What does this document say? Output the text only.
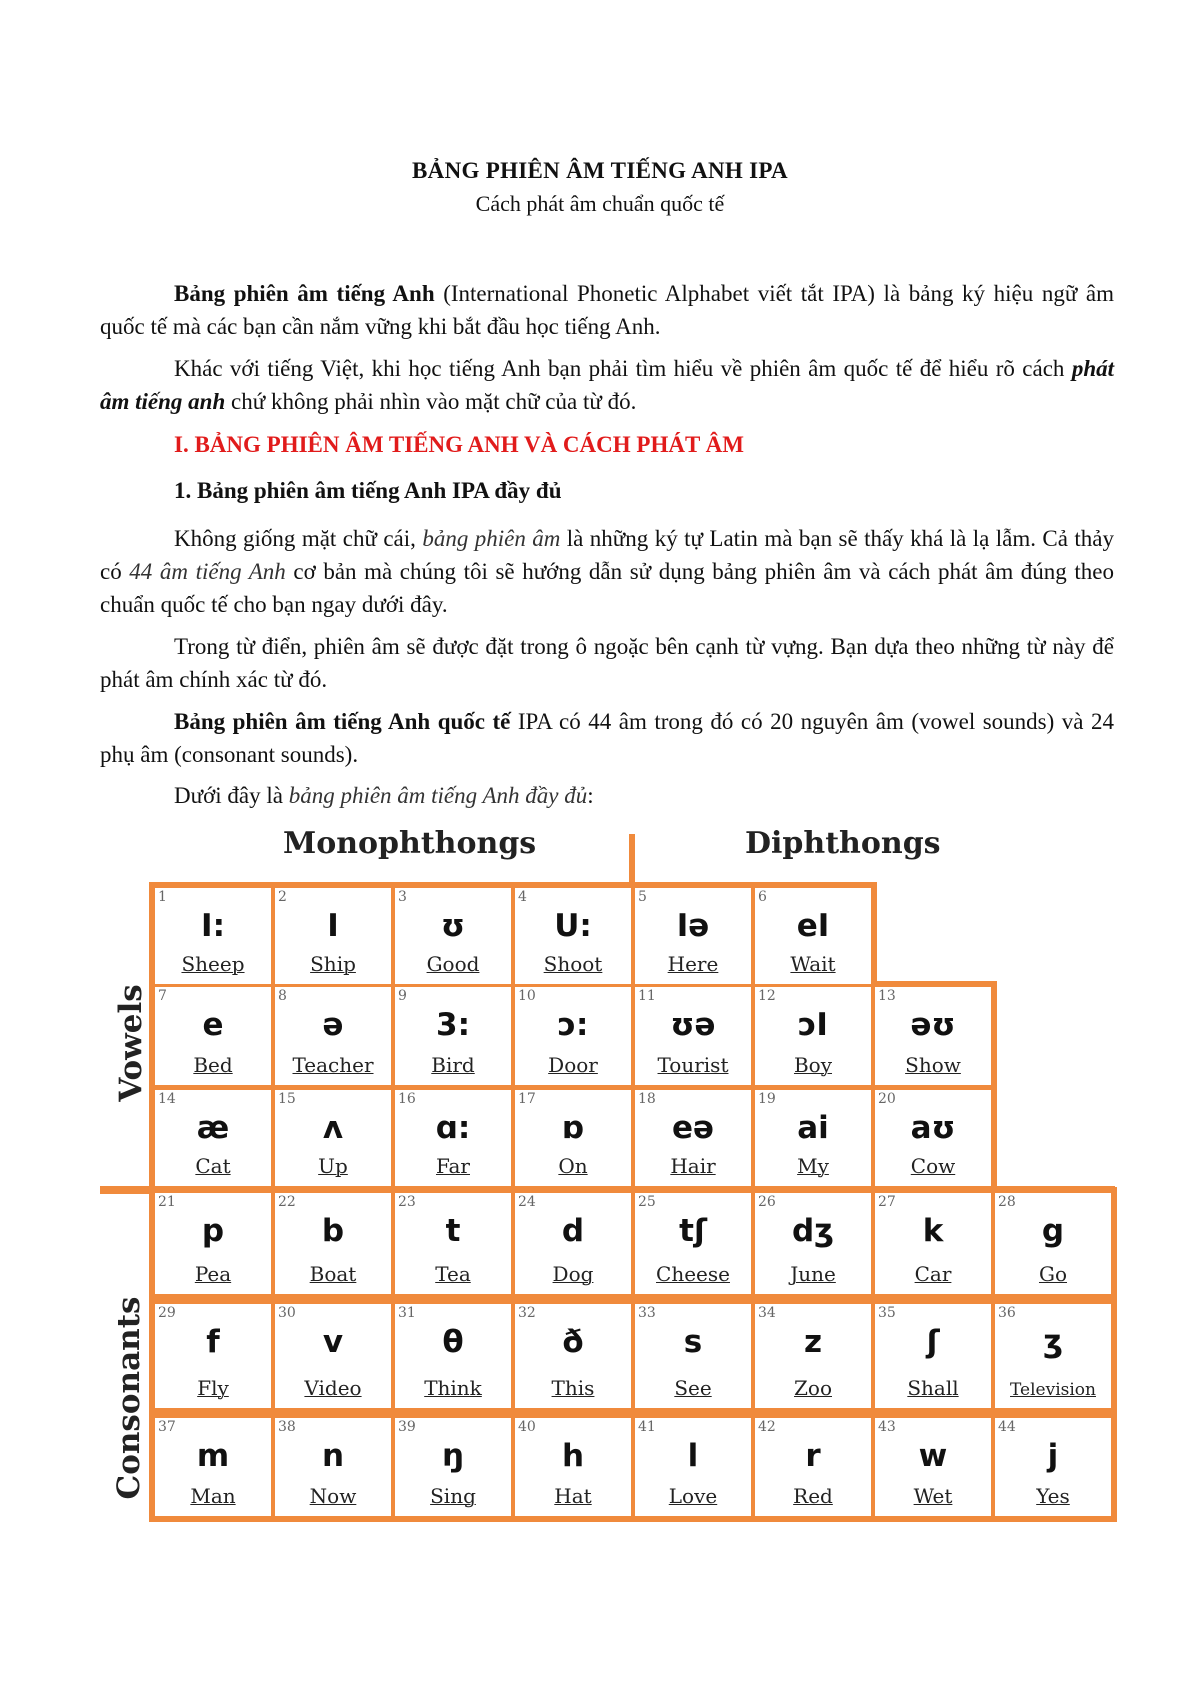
BẢNG PHIÊN ÂM TIẾNG ANH IPA
Cách phát âm chuẩn quốc tế

Bảng phiên âm tiếng Anh (International Phonetic Alphabet viết tắt IPA) là bảng ký hiệu ngữ âm quốc tế mà các bạn cần nắm vững khi bắt đầu học tiếng Anh.

Khác với tiếng Việt, khi học tiếng Anh bạn phải tìm hiểu về phiên âm quốc tế để hiểu rõ cách phát âm tiếng anh chứ không phải nhìn vào mặt chữ của từ đó.

I. BẢNG PHIÊN ÂM TIẾNG ANH VÀ CÁCH PHÁT ÂM
1. Bảng phiên âm tiếng Anh IPA đầy đủ

Không giống mặt chữ cái, bảng phiên âm là những ký tự Latin mà bạn sẽ thấy khá là lạ lẫm. Cả thảy có 44 âm tiếng Anh cơ bản mà chúng tôi sẽ hướng dẫn sử dụng bảng phiên âm và cách phát âm đúng theo chuẩn quốc tế cho bạn ngay dưới đây.

Trong từ điển, phiên âm sẽ được đặt trong ô ngoặc bên cạnh từ vựng. Bạn dựa theo những từ này để phát âm chính xác từ đó.

Bảng phiên âm tiếng Anh quốc tế IPA có 44 âm trong đó có 20 nguyên âm (vowel sounds) và 24 phụ âm (consonant sounds).

Dưới đây là bảng phiên âm tiếng Anh đầy đủ:

Monophthongs	Diphthongs
Vowels
Consonants
1
I:
Sheep
2
I
Ship
3
ʊ
Good
4
U:
Shoot
5
Iə
Here
6
eI
Wait
7
e
Bed
8
ə
Teacher
9
3:
Bird
10
ɔ:
Door
11
ʊə
Tourist
12
ɔI
Boy
13
əʊ
Show
14
æ
Cat
15
ʌ
Up
16
ɑ:
Far
17
ɒ
On
18
eə
Hair
19
ai
My
20
aʊ
Cow
21
p
Pea
22
b
Boat
23
t
Tea
24
d
Dog
25
tʃ
Cheese
26
dʒ
June
27
k
Car
28
g
Go
29
f
Fly
30
v
Video
31
θ
Think
32
ð
This
33
s
See
34
z
Zoo
35
ʃ
Shall
36
ʒ
Television
37
m
Man
38
n
Now
39
ŋ
Sing
40
h
Hat
41
l
Love
42
r
Red
43
w
Wet
44
j
Yes
